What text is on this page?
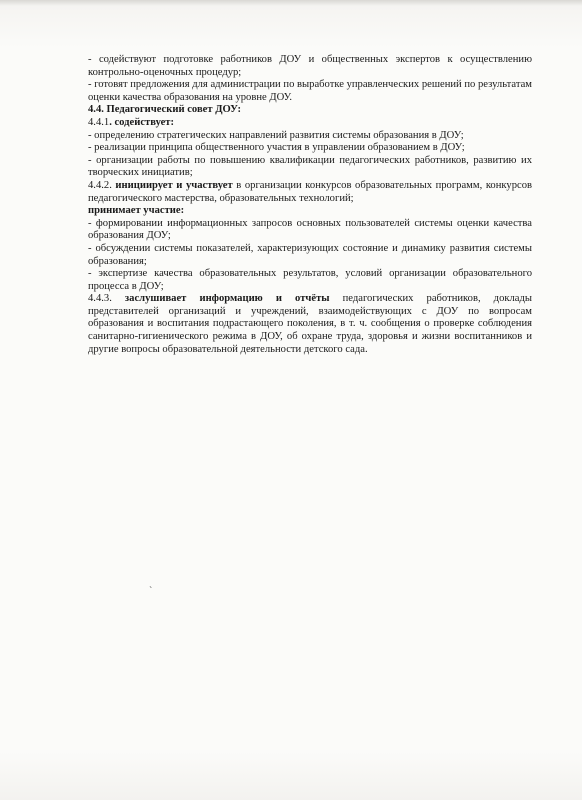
- содействуют подготовке работников ДОУ и общественных экспертов к осуществлению контрольно-оценочных процедур;

- готовят предложения для администрации по выработке управленческих решений по результатам оценки качества образования на уровне ДОУ.

4.4. Педагогический совет ДОУ:

4.4.1. содействует:

- определению стратегических направлений развития системы образования в ДОУ;

- реализации принципа общественного участия в управлении образованием в ДОУ;

- организации работы по повышению квалификации педагогических работников, развитию их творческих инициатив;

4.4.2. инициирует и участвует в организации конкурсов образовательных программ, конкурсов педагогического мастерства, образовательных технологий;

принимает участие:

- формировании информационных запросов основных пользователей системы оценки качества образования ДОУ;

- обсуждении системы показателей, характеризующих состояние и динамику развития системы образования;

- экспертизе качества образовательных результатов, условий организации образовательного процесса в ДОУ;

4.4.3. заслушивает информацию и отчёты педагогических работников, доклады представителей организаций и учреждений, взаимодействующих с ДОУ по вопросам образования и воспитания подрастающего поколения, в т. ч. сообщения о проверке соблюдения санитарно-гигиенического режима в ДОУ, об охране труда, здоровья и жизни воспитанников и другие вопросы образовательной деятельности детского сада.

`
